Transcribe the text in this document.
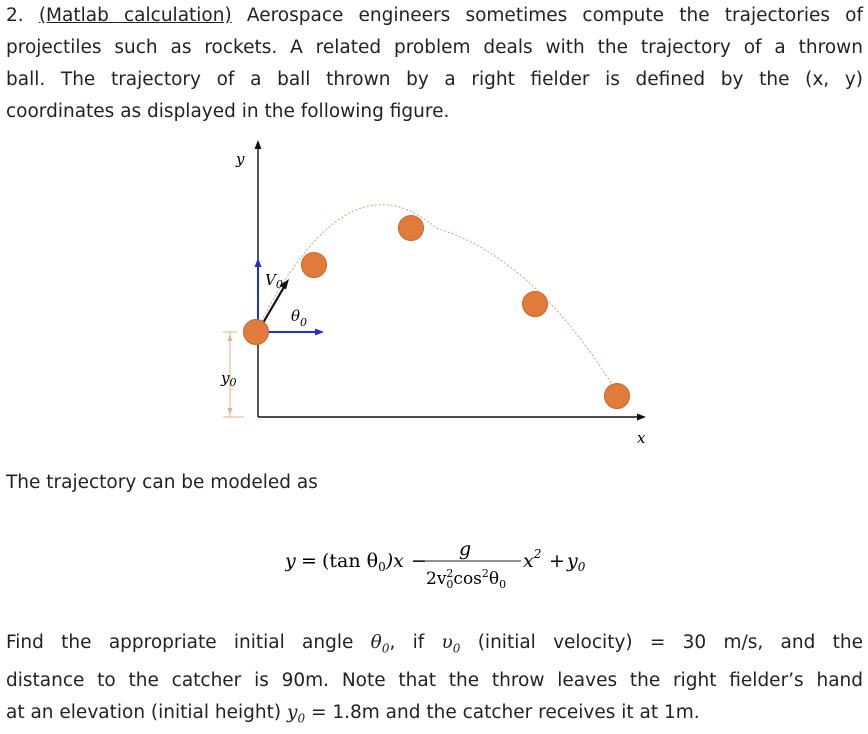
2. (Matlab calculation) Aerospace engineers sometimes compute the trajectories of
projectiles such as rockets. A related problem deals with the trajectory of a thrown
ball. The trajectory of a ball thrown by a right fielder is defined by the (x, y)
coordinates as displayed in the following figure.
y
x
$y_0$
$V_0$
$\theta_0$
The trajectory can be modeled as
y = (tan $\theta_0)x$ −
g
$2v^2$ $0\cos^2\theta_0$
$x^2 + y_0$
Find the appropriate initial angle $\theta_0$, if $\upsilon_0$ (initial velocity) = 30 m/s, and the
distance to the catcher is 90m. Note that the throw leaves the right fielder’s hand
at an elevation (initial height) $y_0 = 1.8m$ and the catcher receives it at 1m.
